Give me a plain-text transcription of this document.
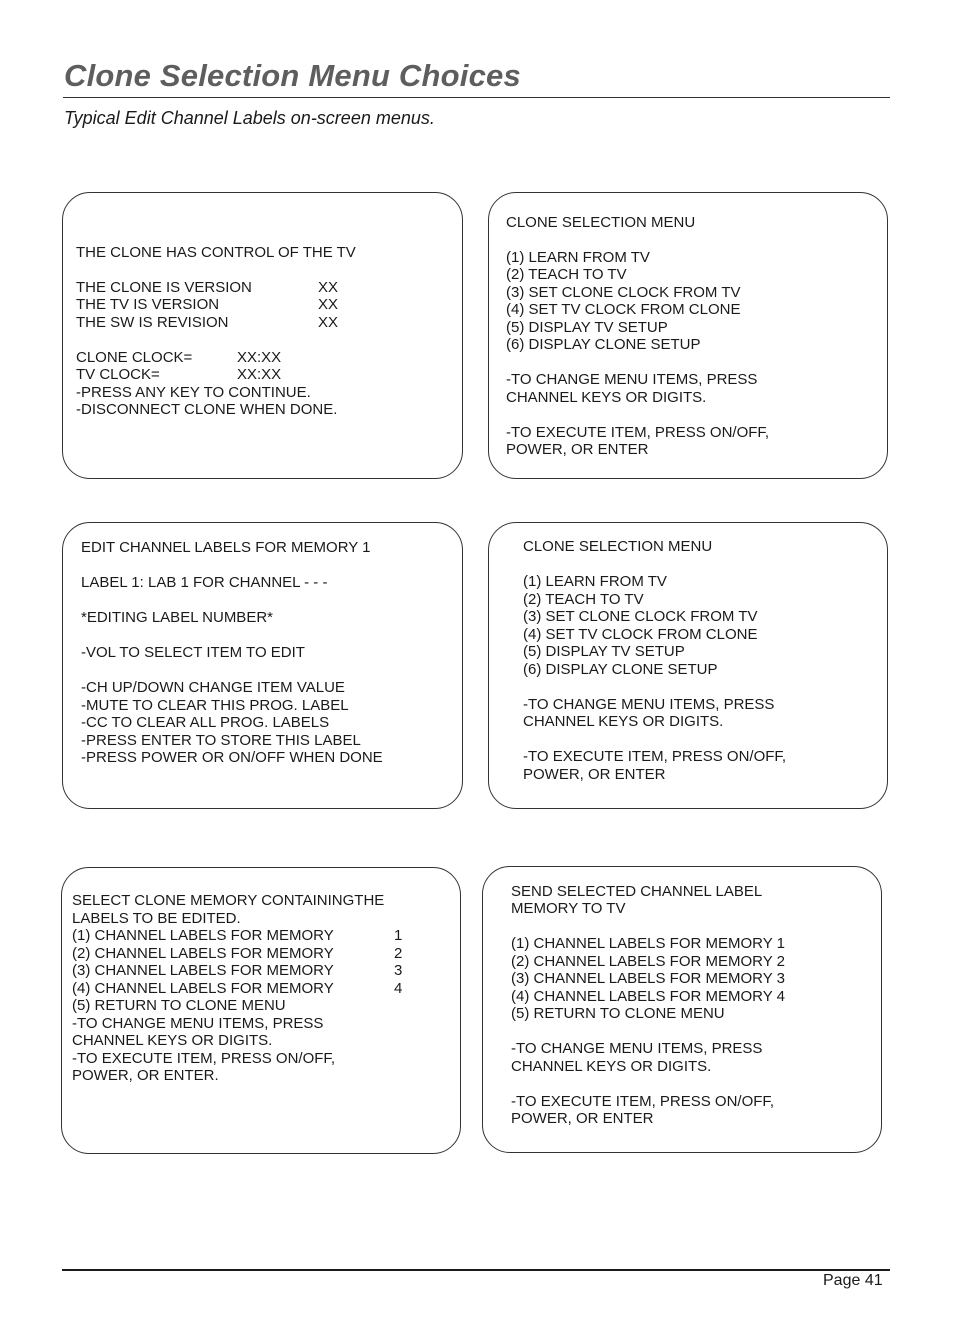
Clone Selection Menu Choices
Typical Edit Channel Labels on-screen menus.
THE CLONE HAS CONTROL OF THE TV
THE CLONE IS VERSION	XX
THE TV IS VERSION	XX
THE SW IS REVISION	XX
CLONE CLOCK=	XX:XX
TV CLOCK=	XX:XX
-PRESS ANY KEY TO CONTINUE.
-DISCONNECT CLONE WHEN DONE.
CLONE SELECTION MENU
(1) LEARN FROM TV
(2) TEACH TO TV
(3) SET CLONE CLOCK FROM TV
(4) SET TV CLOCK FROM CLONE
(5) DISPLAY TV SETUP
(6) DISPLAY CLONE SETUP
-TO CHANGE MENU ITEMS, PRESS
CHANNEL KEYS OR DIGITS.
-TO EXECUTE ITEM, PRESS ON/OFF,
POWER, OR ENTER
EDIT CHANNEL LABELS FOR MEMORY 1
LABEL 1: LAB 1 FOR CHANNEL - - -
*EDITING LABEL NUMBER*
-VOL TO SELECT ITEM TO EDIT
-CH UP/DOWN CHANGE ITEM VALUE
-MUTE TO CLEAR THIS PROG. LABEL
-CC TO CLEAR ALL PROG. LABELS
-PRESS ENTER TO STORE THIS LABEL
-PRESS POWER OR ON/OFF WHEN DONE
CLONE SELECTION MENU
(1) LEARN FROM TV
(2) TEACH TO TV
(3) SET CLONE CLOCK FROM TV
(4) SET TV CLOCK FROM CLONE
(5) DISPLAY TV SETUP
(6) DISPLAY CLONE SETUP
-TO CHANGE MENU ITEMS, PRESS
CHANNEL KEYS OR DIGITS.
-TO EXECUTE ITEM, PRESS ON/OFF,
POWER, OR ENTER
SELECT CLONE MEMORY CONTAININGTHE
LABELS TO BE EDITED.
(1) CHANNEL LABELS FOR MEMORY	1
(2) CHANNEL LABELS FOR MEMORY	2
(3) CHANNEL LABELS FOR MEMORY	3
(4) CHANNEL LABELS FOR MEMORY	4
(5) RETURN TO CLONE MENU
-TO CHANGE MENU ITEMS, PRESS
CHANNEL KEYS OR DIGITS.
-TO EXECUTE ITEM, PRESS ON/OFF,
POWER, OR ENTER.
SEND SELECTED CHANNEL LABEL
MEMORY TO TV
(1) CHANNEL LABELS FOR MEMORY 1
(2) CHANNEL LABELS FOR MEMORY 2
(3) CHANNEL LABELS FOR MEMORY 3
(4) CHANNEL LABELS FOR MEMORY 4
(5) RETURN TO CLONE MENU
-TO CHANGE MENU ITEMS, PRESS
CHANNEL KEYS OR DIGITS.
-TO EXECUTE ITEM, PRESS ON/OFF,
POWER, OR ENTER
Page 41
